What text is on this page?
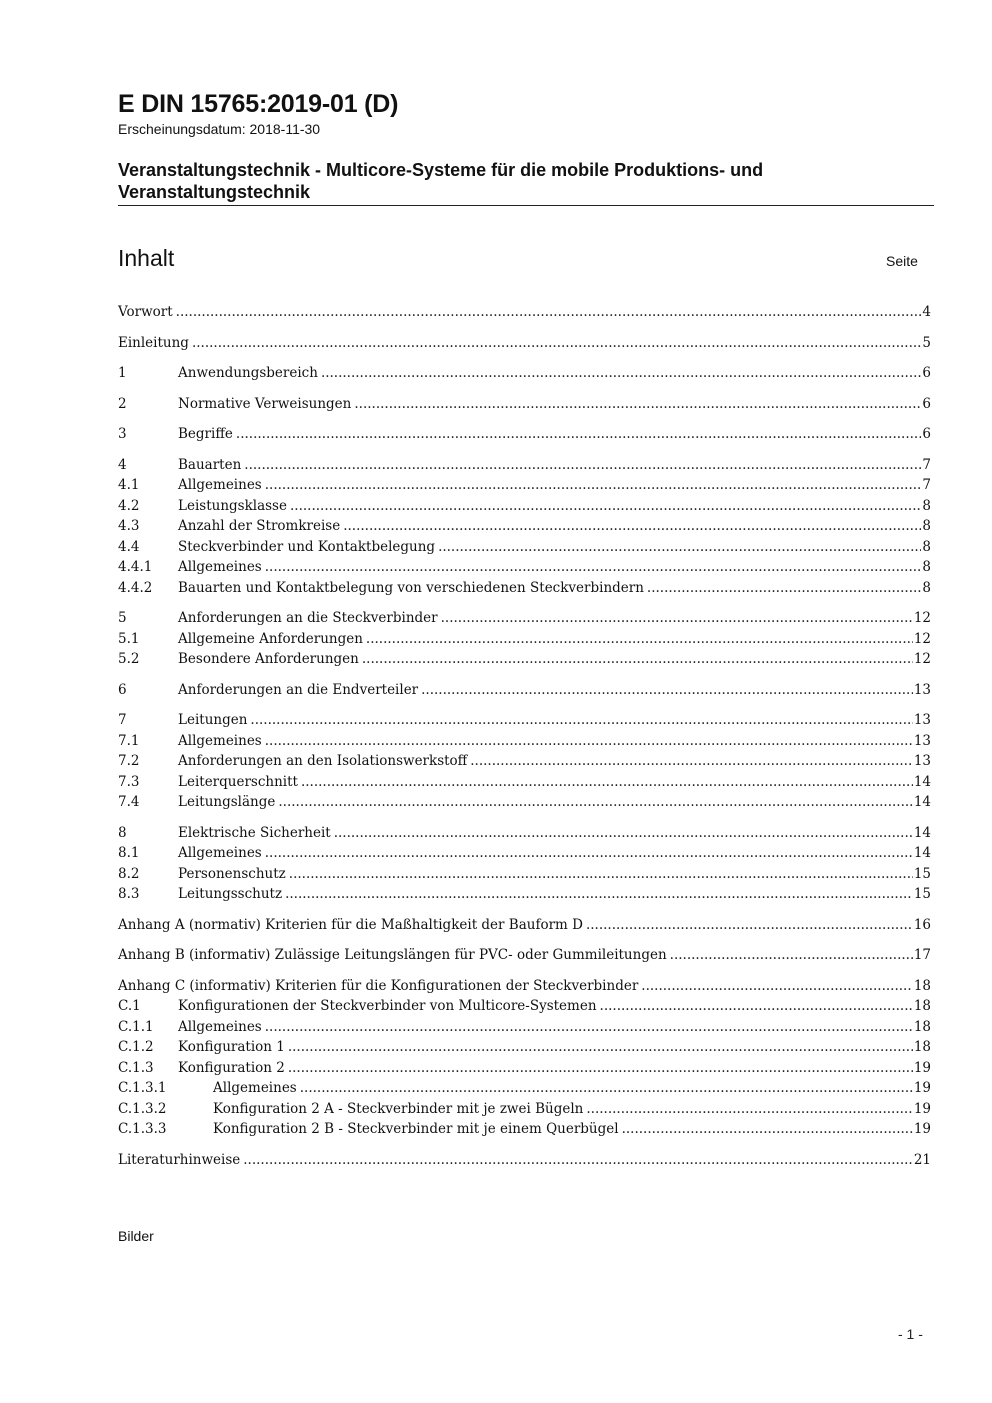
E DIN 15765:2019-01 (D)
Erscheinungsdatum: 2018-11-30
Veranstaltungstechnik - Multicore-Systeme für die mobile Produktions- und Veranstaltungstechnik
Inhalt	Seite
Vorwort .....	4
Einleitung .....	5
1	Anwendungsbereich .....	6
2	Normative Verweisungen .....	6
3	Begriffe .....	6
4	Bauarten .....	7
4.1	Allgemeines .....	7
4.2	Leistungsklasse .....	8
4.3	Anzahl der Stromkreise .....	8
4.4	Steckverbinder und Kontaktbelegung .....	8
4.4.1	Allgemeines .....	8
4.4.2	Bauarten und Kontaktbelegung von verschiedenen Steckverbindern .....	8
5	Anforderungen an die Steckverbinder .....	12
5.1	Allgemeine Anforderungen .....	12
5.2	Besondere Anforderungen .....	12
6	Anforderungen an die Endverteiler .....	13
7	Leitungen .....	13
7.1	Allgemeines .....	13
7.2	Anforderungen an den Isolationswerkstoff .....	13
7.3	Leiterquerschnitt .....	14
7.4	Leitungslänge .....	14
8	Elektrische Sicherheit .....	14
8.1	Allgemeines .....	14
8.2	Personenschutz .....	15
8.3	Leitungsschutz .....	15
Anhang A (normativ) Kriterien für die Maßhaltigkeit der Bauform D .....	16
Anhang B (informativ) Zulässige Leitungslängen für PVC- oder Gummileitungen .....	17
Anhang C (informativ) Kriterien für die Konfigurationen der Steckverbinder .....	18
C.1	Konfigurationen der Steckverbinder von Multicore-Systemen .....	18
C.1.1	Allgemeines .....	18
C.1.2	Konfiguration 1 .....	18
C.1.3	Konfiguration 2 .....	19
C.1.3.1	Allgemeines .....	19
C.1.3.2	Konfiguration 2 A - Steckverbinder mit je zwei Bügeln .....	19
C.1.3.3	Konfiguration 2 B - Steckverbinder mit je einem Querbügel .....	19
Literaturhinweise .....	21
Bilder
- 1 -
